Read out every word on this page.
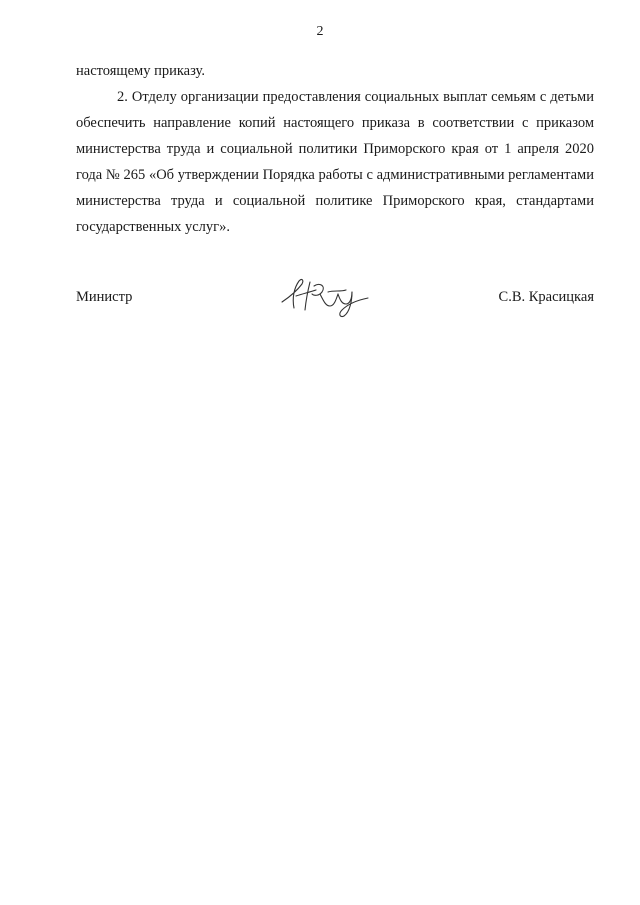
2

настоящему приказу.

2. Отделу организации предоставления социальных выплат семьям с детьми обеспечить направление копий настоящего приказа в соответствии с приказом министерства труда и социальной политики Приморского края от 1 апреля 2020 года № 265 «Об утверждении Порядка работы с административными регламентами министерства труда и социальной политике Приморского края, стандартами государственных услуг».

Министр	С.В. Красицкая
